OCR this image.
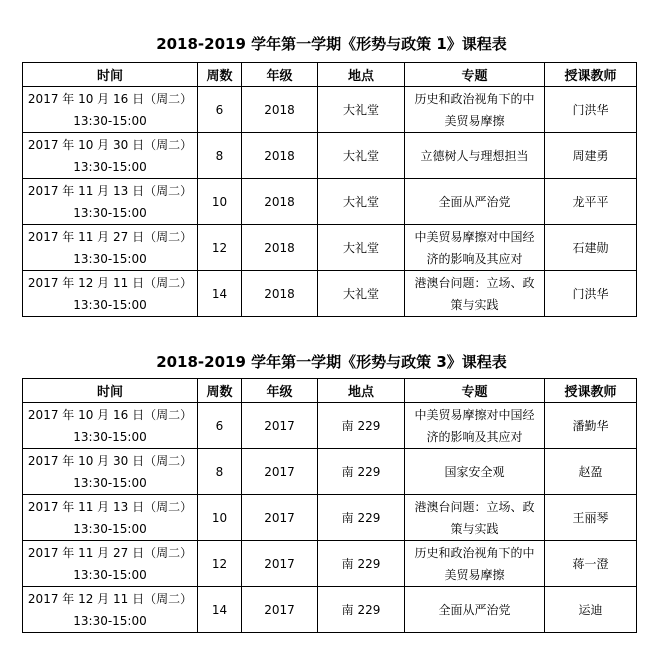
2018-2019 学年第一学期《形势与政策 1》课程表
时间	周数	年级	地点	专题	授课教师

2017 年 10 月 16 日（周二）
13:30-15:00	6	2018	大礼堂	历史和政治视角下的中美贸易摩擦	门洪华

2017 年 10 月 30 日（周二）
13:30-15:00	8	2018	大礼堂	立德树人与理想担当	周建勇

2017 年 11 月 13 日（周二）
13:30-15:00	10	2018	大礼堂	全面从严治党	龙平平

2017 年 11 月 27 日（周二）
13:30-15:00	12	2018	大礼堂	中美贸易摩擦对中国经济的影响及其应对	石建勋

2017 年 12 月 11 日（周二）
13:30-15:00	14	2018	大礼堂	港澳台问题：立场、政策与实践	门洪华
2018-2019 学年第一学期《形势与政策 3》课程表
时间	周数	年级	地点	专题	授课教师

2017 年 10 月 16 日（周二）
13:30-15:00	6	2017	南 229	中美贸易摩擦对中国经济的影响及其应对	潘勤华

2017 年 10 月 30 日（周二）
13:30-15:00	8	2017	南 229	国家安全观	赵盈

2017 年 11 月 13 日（周二）
13:30-15:00	10	2017	南 229	港澳台问题：立场、政策与实践	王丽琴

2017 年 11 月 27 日（周二）
13:30-15:00	12	2017	南 229	历史和政治视角下的中美贸易摩擦	蒋一澄

2017 年 12 月 11 日（周二）
13:30-15:00	14	2017	南 229	全面从严治党	运迪
